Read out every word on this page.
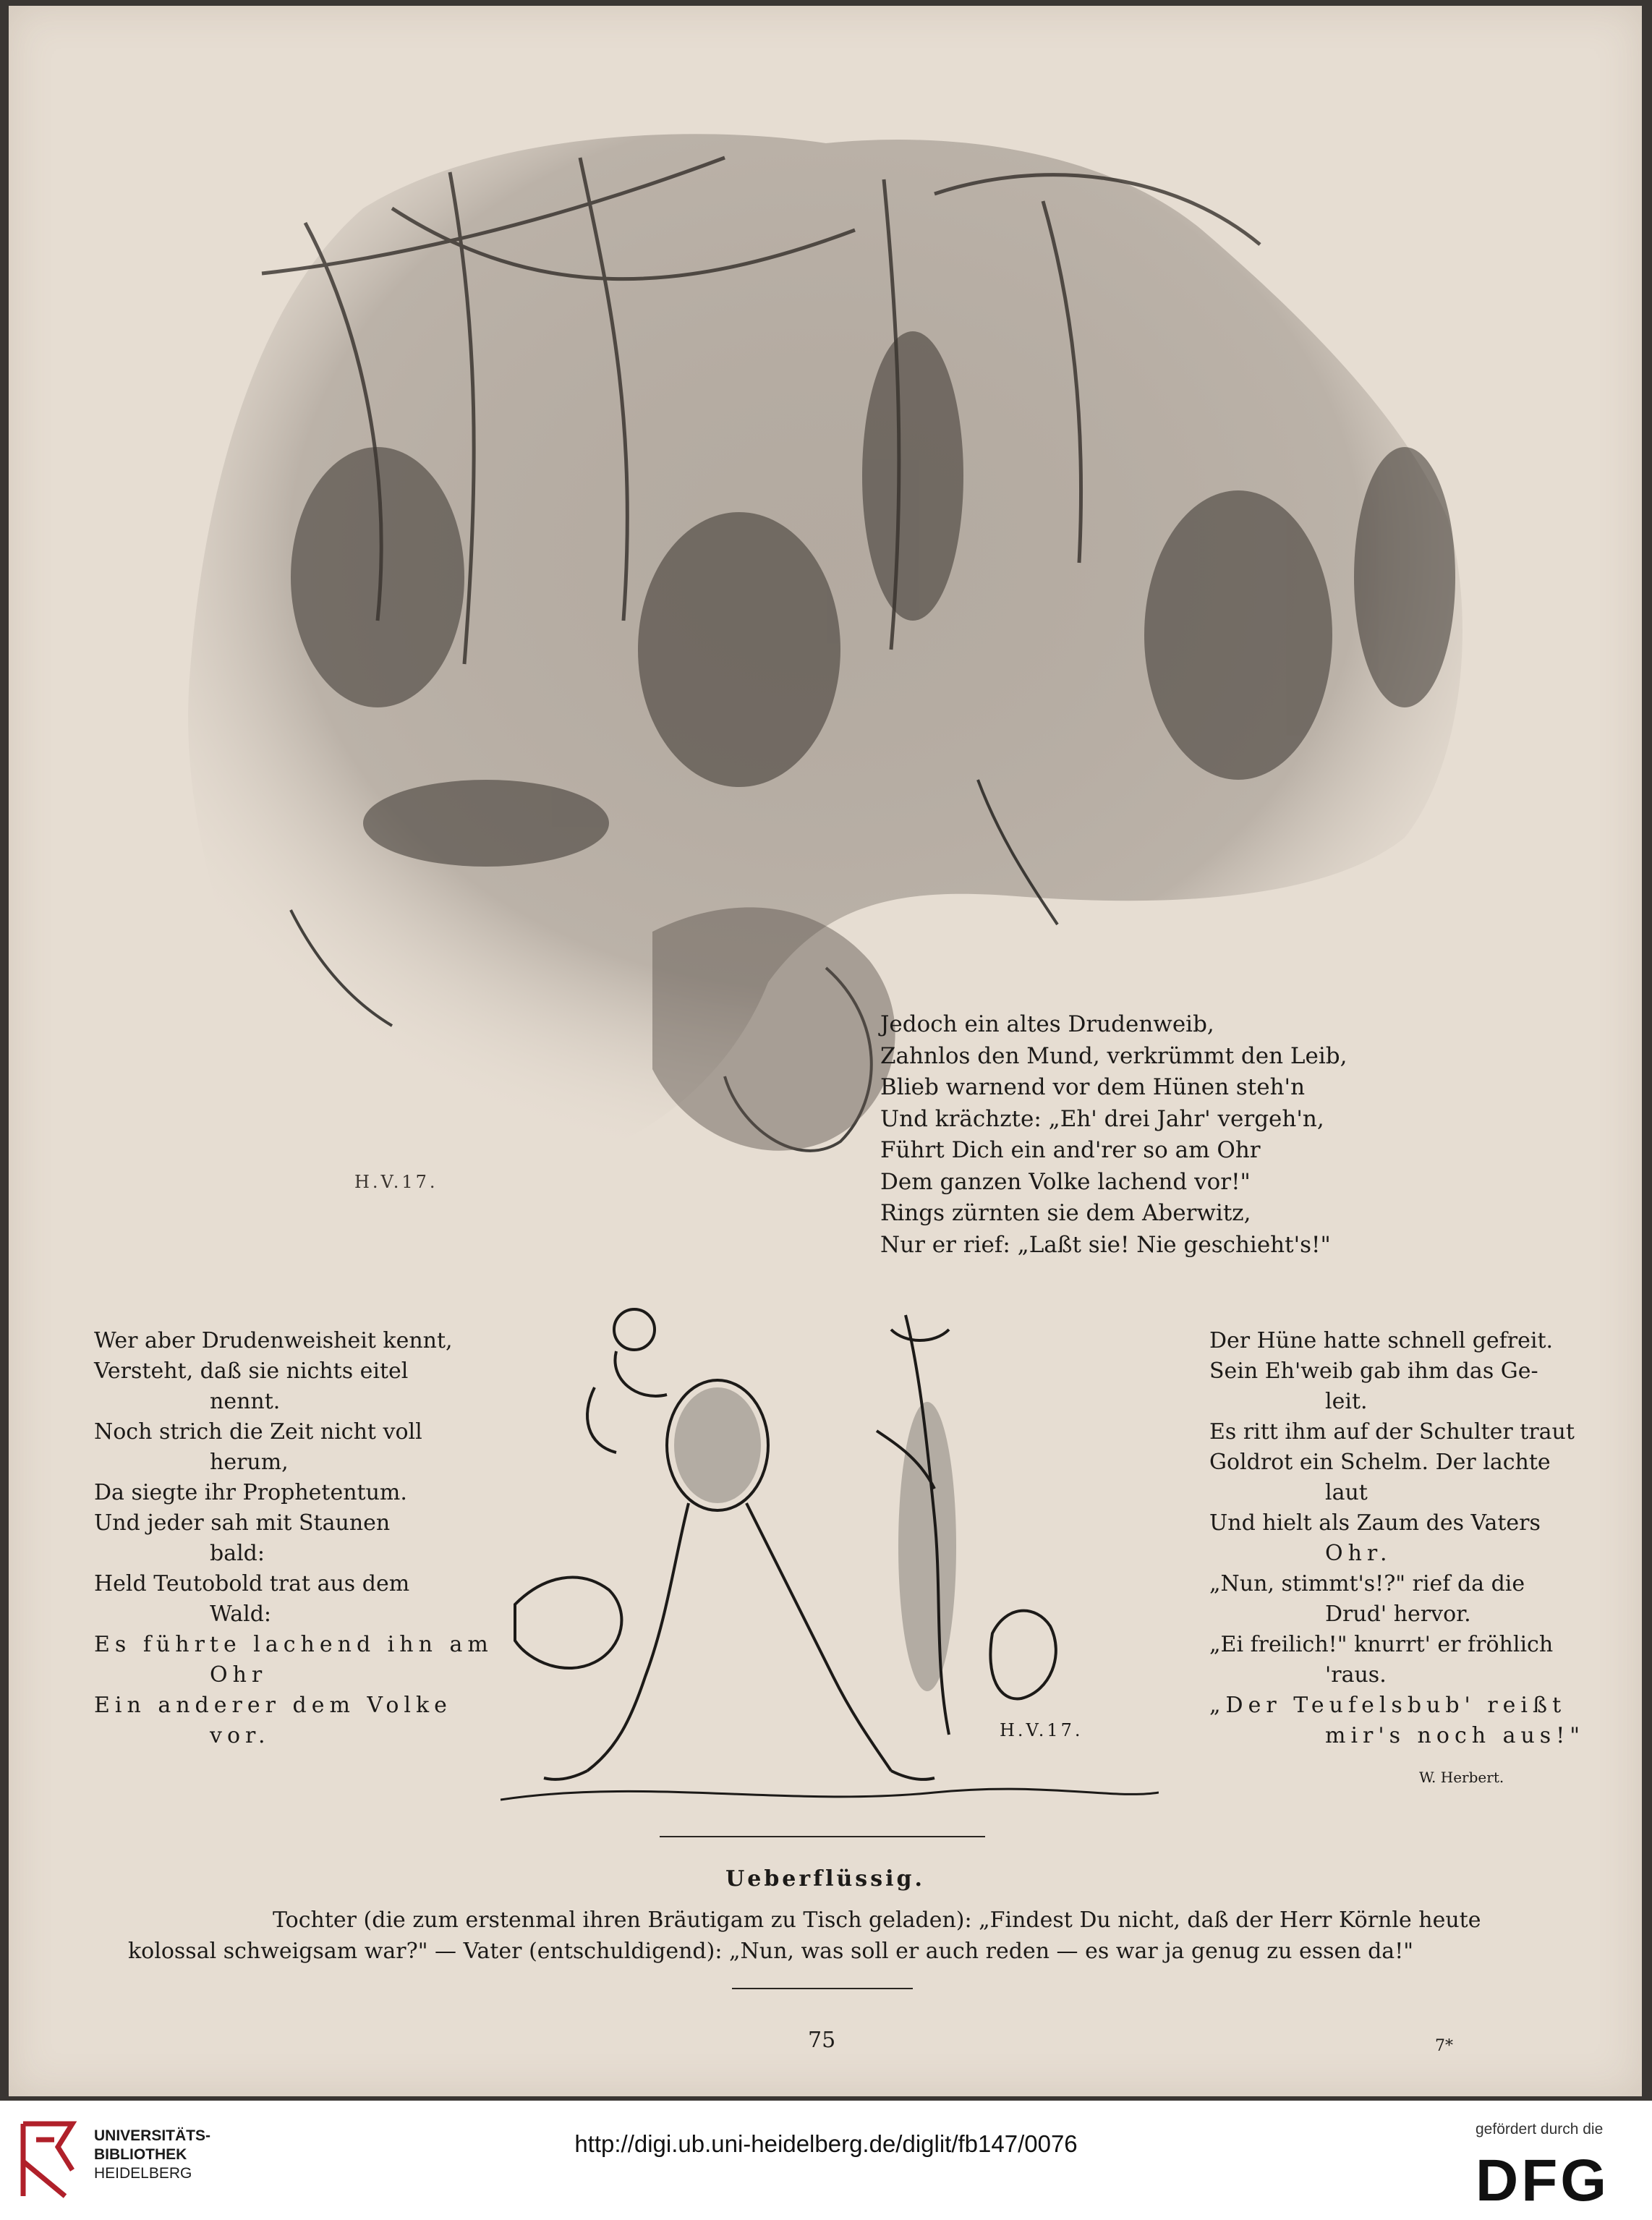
H.V.17.
Jedoch ein altes Drudenweib,
Zahnlos den Mund, verkrümmt den Leib,
Blieb warnend vor dem Hünen steh'n
Und krächzte: „Eh' drei Jahr' vergeh'n,
Führt Dich ein and'rer so am Ohr
Dem ganzen Volke lachend vor!"
Rings zürnten sie dem Aberwitz,
Nur er rief: „Laßt sie! Nie geschieht's!"
Wer aber Drudenweisheit kennt,
Versteht, daß sie nichts eitel
nennt.
Noch strich die Zeit nicht voll
herum,
Da siegte ihr Prophetentum.
Und jeder sah mit Staunen
bald:
Held Teutobold trat aus dem
Wald:
Es führte lachend ihn am
Ohr
Ein anderer dem Volke
vor.	H.V.17.
Der Hüne hatte schnell gefreit.
Sein Eh'weib gab ihm das Ge-
leit.
Es ritt ihm auf der Schulter traut
Goldrot ein Schelm. Der lachte
laut
Und hielt als Zaum des Vaters
Ohr.
„Nun, stimmt's!?" rief da die
Drud' hervor.
„Ei freilich!" knurrt' er fröhlich
'raus.
„Der Teufelsbub' reißt
mir's noch aus!"
W. Herbert.
Ueberflüssig.
Tochter (die zum erstenmal ihren Bräutigam zu Tisch geladen): „Findest Du nicht, daß der Herr Körnle heute kolossal schweigsam war?" — Vater (entschuldigend): „Nun, was soll er auch reden — es war ja genug zu essen da!"
75	7*
UNIVERSITÄTS-
BIBLIOTHEK
HEIDELBERG
http://digi.ub.uni-heidelberg.de/diglit/fb147/0076
gefördert durch die
DFG
